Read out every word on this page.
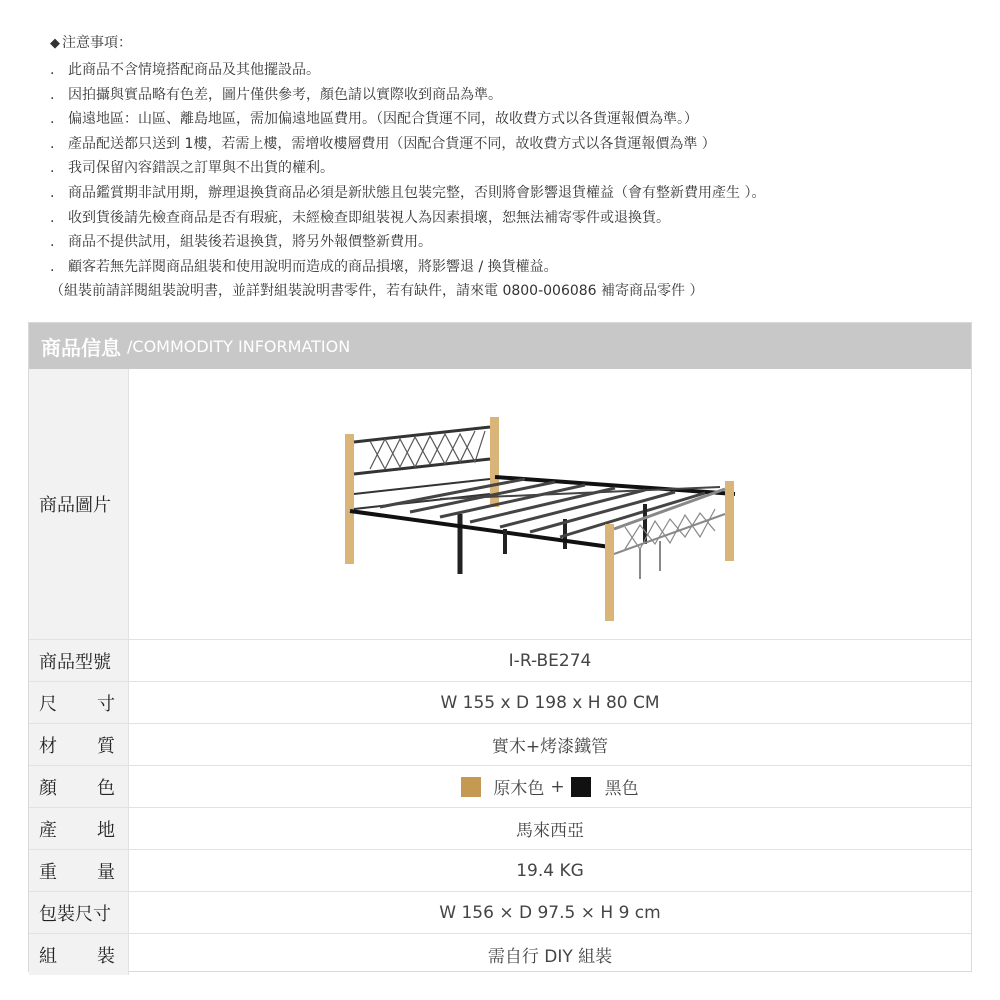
◆ 注意事項：
. 此商品不含情境搭配商品及其他擺設品。
. 因拍攝與實品略有色差，圖片僅供參考，顏色請以實際收到商品為準。
. 偏遠地區：山區、離島地區，需加偏遠地區費用。（因配合貨運不同，故收費方式以各貨運報價為準。）
. 產品配送都只送到 1樓，若需上樓，需增收樓層費用（因配合貨運不同，故收費方式以各貨運報價為準 ）
. 我司保留內容錯誤之訂單與不出貨的權利。
. 商品鑑賞期非試用期，辦理退換貨商品必須是新狀態且包裝完整，否則將會影響退貨權益（會有整新費用產生 ）。
. 收到貨後請先檢查商品是否有瑕疵，未經檢查即組裝視人為因素損壞，恕無法補寄零件或退換貨。
. 商品不提供試用，組裝後若退換貨，將另外報價整新費用。
. 顧客若無先詳閱商品組裝和使用說明而造成的商品損壞，將影響退 / 換貨權益。
（組裝前請詳閱組裝說明書，並詳對組裝說明書零件，若有缺件，請來電 0800-006086 補寄商品零件 ）
商品信息 /COMMODITY INFORMATION
商品圖片
商品型號	I-R-BE274
尺 寸	W 155 x D 198 x H 80 CM
材 質	實木+烤漆鐵管
顏 色	原木色 + 黑色
產 地	馬來西亞
重 量	19.4 KG
包裝尺寸	W 156 × D 97.5 × H 9 cm
組 裝	需自行 DIY 組裝
